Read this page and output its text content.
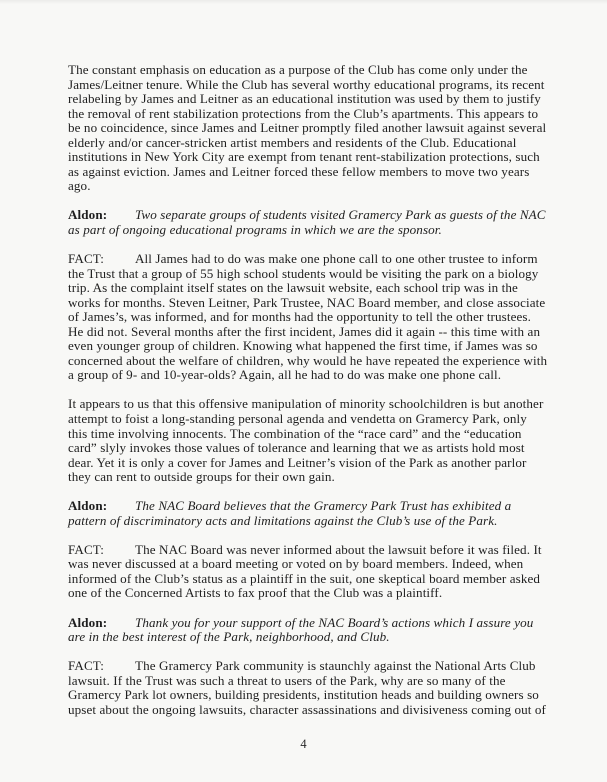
The constant emphasis on education as a purpose of the Club has come only under the James/Leitner tenure. While the Club has several worthy educational programs, its recent relabeling by James and Leitner as an educational institution was used by them to justify the removal of rent stabilization protections from the Club’s apartments. This appears to be no coincidence, since James and Leitner promptly filed another lawsuit against several elderly and/or cancer-stricken artist members and residents of the Club. Educational institutions in New York City are exempt from tenant rent-stabilization protections, such as against eviction. James and Leitner forced these fellow members to move two years ago.

Aldon: Two separate groups of students visited Gramercy Park as guests of the NAC as part of ongoing educational programs in which we are the sponsor.

FACT: All James had to do was make one phone call to one other trustee to inform the Trust that a group of 55 high school students would be visiting the park on a biology trip. As the complaint itself states on the lawsuit website, each school trip was in the works for months. Steven Leitner, Park Trustee, NAC Board member, and close associate of James’s, was informed, and for months had the opportunity to tell the other trustees. He did not. Several months after the first incident, James did it again -- this time with an even younger group of children. Knowing what happened the first time, if James was so concerned about the welfare of children, why would he have repeated the experience with a group of 9- and 10-year-olds? Again, all he had to do was make one phone call.

It appears to us that this offensive manipulation of minority schoolchildren is but another attempt to foist a long-standing personal agenda and vendetta on Gramercy Park, only this time involving innocents. The combination of the “race card” and the “education card” slyly invokes those values of tolerance and learning that we as artists hold most dear. Yet it is only a cover for James and Leitner’s vision of the Park as another parlor they can rent to outside groups for their own gain.

Aldon: The NAC Board believes that the Gramercy Park Trust has exhibited a pattern of discriminatory acts and limitations against the Club’s use of the Park.

FACT: The NAC Board was never informed about the lawsuit before it was filed. It was never discussed at a board meeting or voted on by board members. Indeed, when informed of the Club’s status as a plaintiff in the suit, one skeptical board member asked one of the Concerned Artists to fax proof that the Club was a plaintiff.

Aldon: Thank you for your support of the NAC Board’s actions which I assure you are in the best interest of the Park, neighborhood, and Club.

FACT: The Gramercy Park community is staunchly against the National Arts Club lawsuit. If the Trust was such a threat to users of the Park, why are so many of the Gramercy Park lot owners, building presidents, institution heads and building owners so upset about the ongoing lawsuits, character assassinations and divisiveness coming out of

4
